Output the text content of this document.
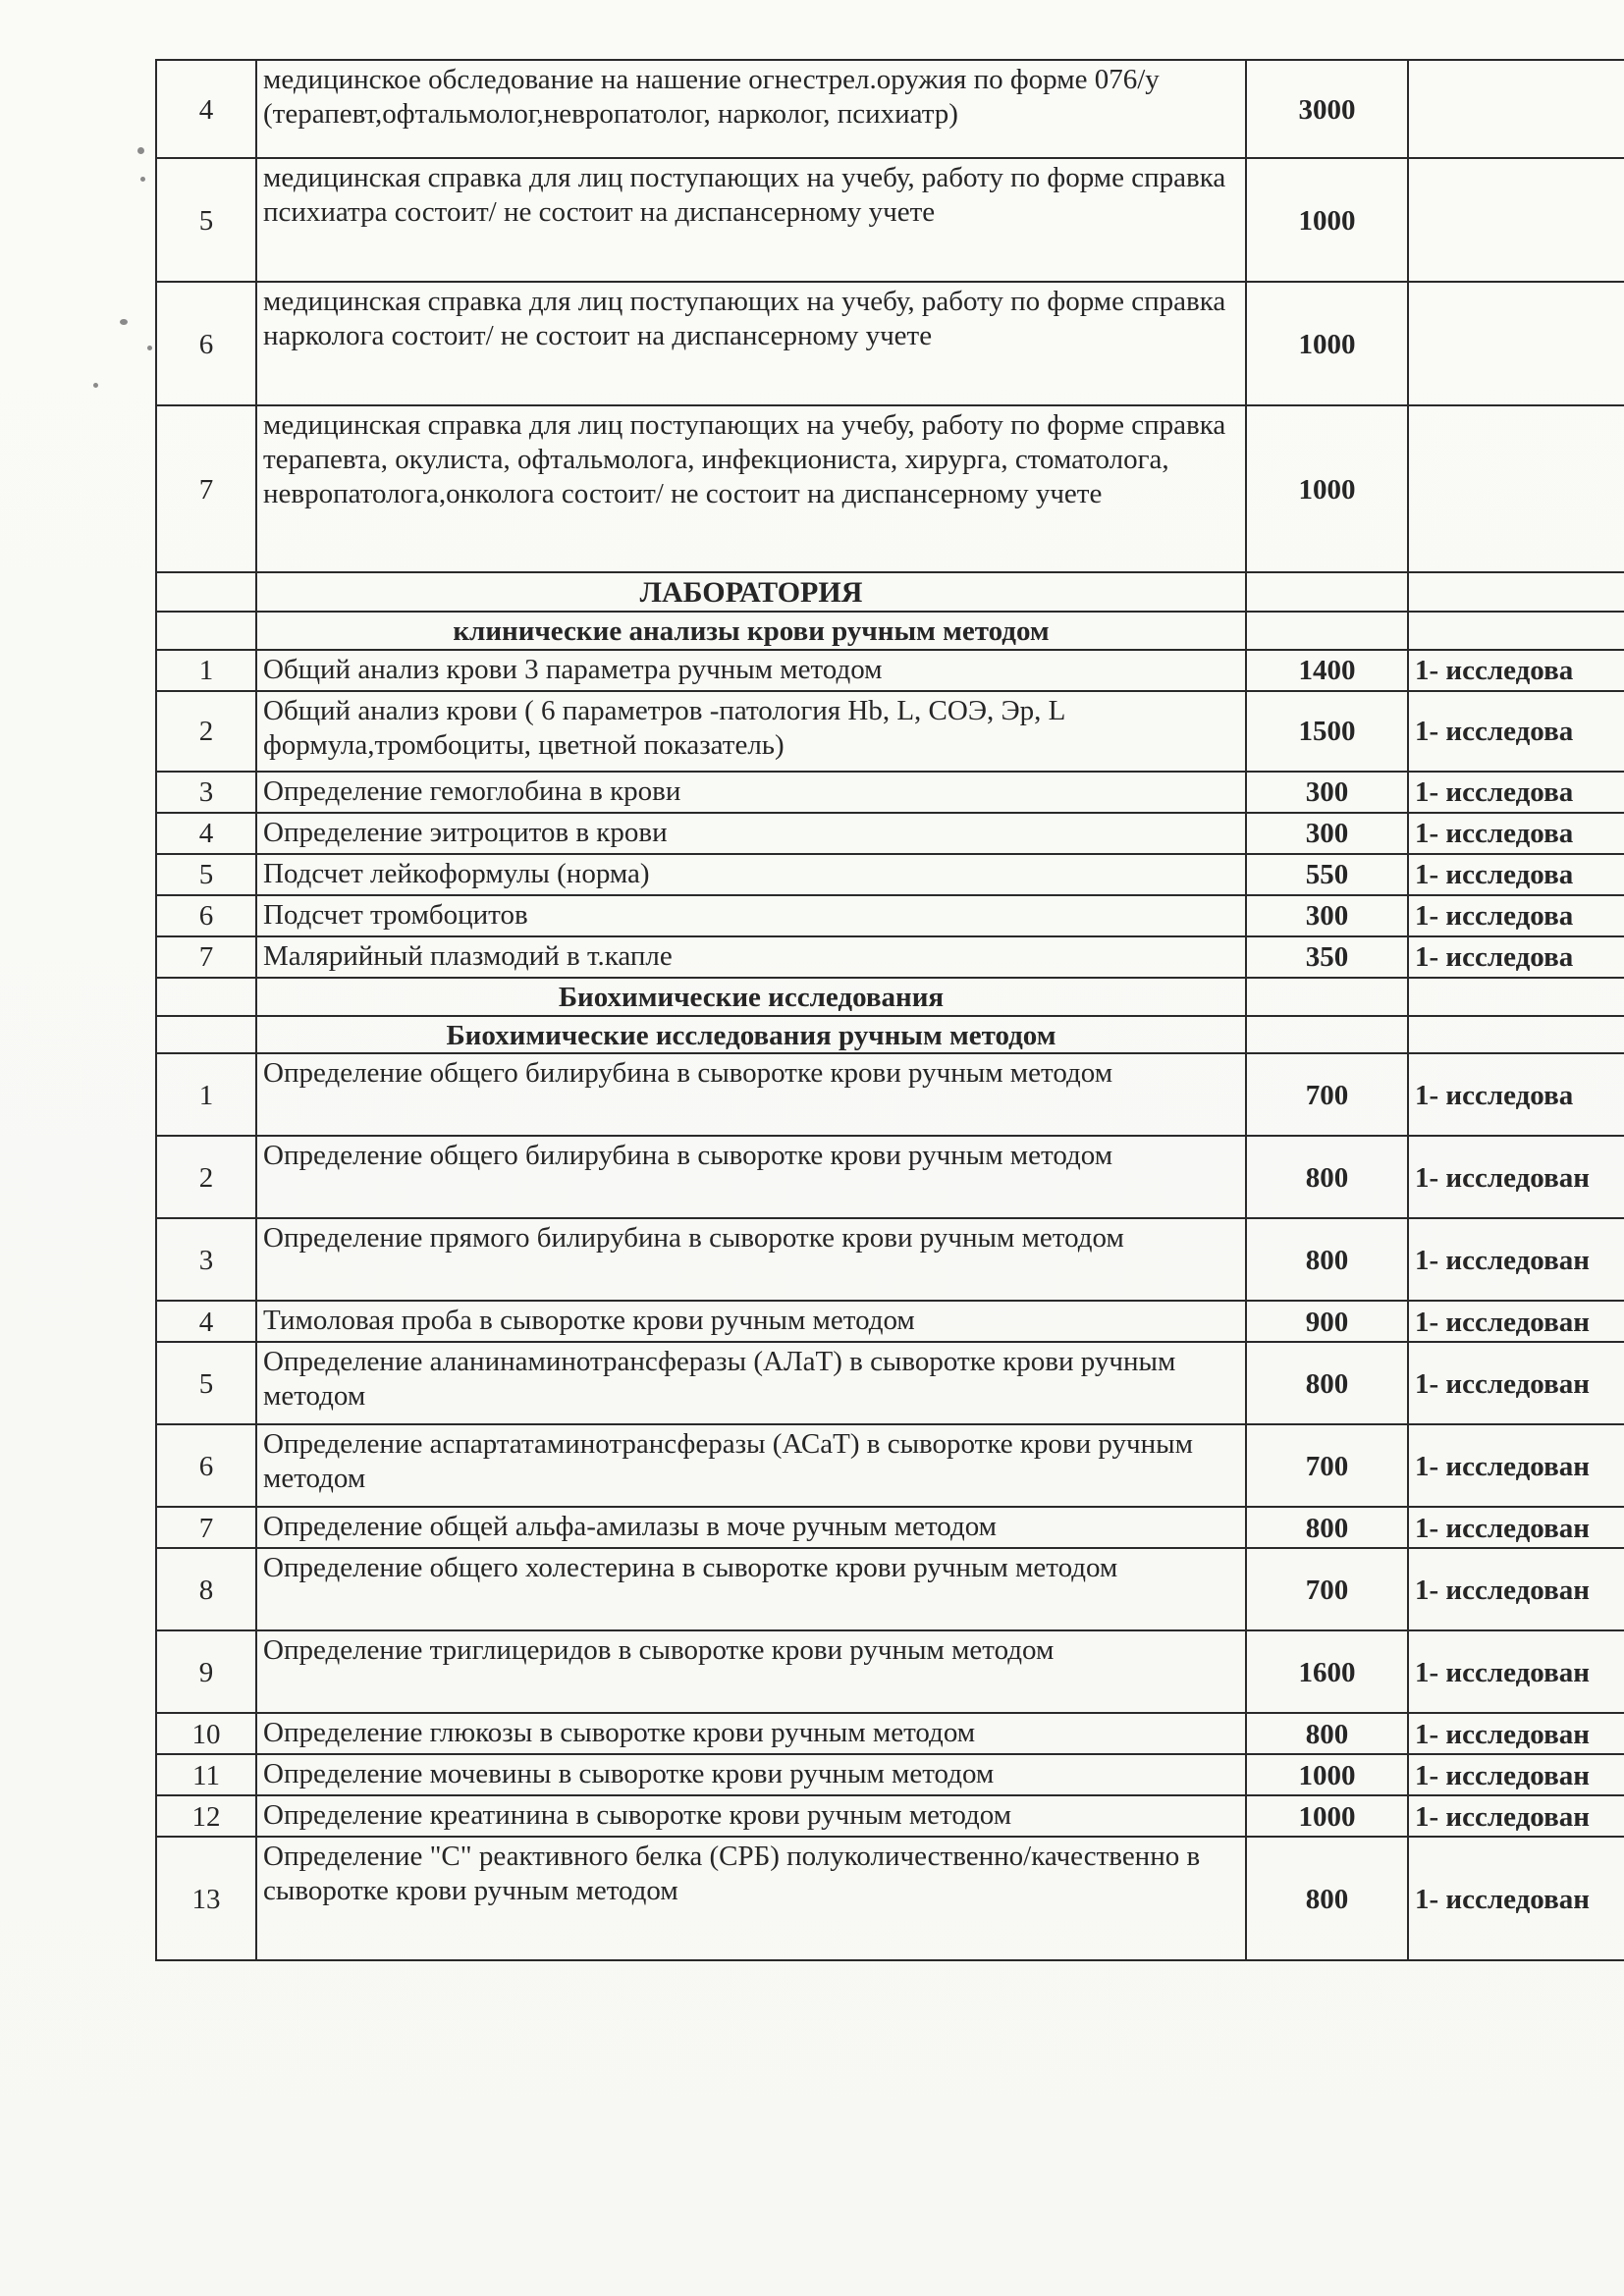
4	медицинское обследование на нашение огнестрел.оружия по форме 076/у (терапевт,офтальмолог,невропатолог, нарколог, психиатр)	3000	
5	медицинская справка для лиц поступающих на учебу, работу по форме справка психиатра состоит/ не состоит на диспансерному учете	1000	
6	медицинская справка для лиц поступающих на учебу, работу по форме справка нарколога состоит/ не состоит на диспансерному учете	1000	
7	медицинская справка для лиц поступающих на учебу, работу по форме справка терапевта, окулиста, офтальмолога, инфекциониста, хирурга, стоматолога, невропатолога,онколога состоит/ не состоит на диспансерному учете	1000	
	ЛАБОРАТОРИЯ		
	клинические анализы крови ручным методом		
1	Общий анализ крови 3 параметра ручным методом	1400	1- исследова
2	Общий анализ крови ( 6 параметров -патология Hb, L, СОЭ, Эр, L формула,тромбоциты, цветной показатель)	1500	1- исследова
3	Определение гемоглобина в крови	300	1- исследова
4	Определение эитроцитов в крови	300	1- исследова
5	Подсчет лейкоформулы (норма)	550	1- исследова
6	Подсчет тромбоцитов	300	1- исследова
7	Малярийный плазмодий в т.капле	350	1- исследова
	Биохимические исследования		
	Биохимические исследования ручным методом		
1	Определение общего билирубина в сыворотке крови ручным методом	700	1- исследова
2	Определение общего билирубина в сыворотке крови ручным методом	800	1- исследован
3	Определение прямого билирубина в сыворотке крови ручным методом	800	1- исследован
4	Тимоловая проба в сыворотке крови ручным методом	900	1- исследован
5	Определение аланинаминотрансферазы (АЛаТ) в сыворотке крови ручным методом	800	1- исследован
6	Определение аспартатаминотрансферазы (АСаТ) в сыворотке крови ручным методом	700	1- исследован
7	Определение общей альфа-амилазы в моче ручным методом	800	1- исследован
8	Определение общего холестерина в сыворотке крови ручным методом	700	1- исследован
9	Определение триглицеридов в сыворотке крови ручным методом	1600	1- исследован
10	Определение глюкозы в сыворотке крови ручным методом	800	1- исследован
11	Определение мочевины в сыворотке крови ручным методом	1000	1- исследован
12	Определение креатинина в сыворотке крови ручным методом	1000	1- исследован
13	Определение "С" реактивного белка (СРБ) полуколичественно/качественно в сыворотке крови ручным методом	800	1- исследован
